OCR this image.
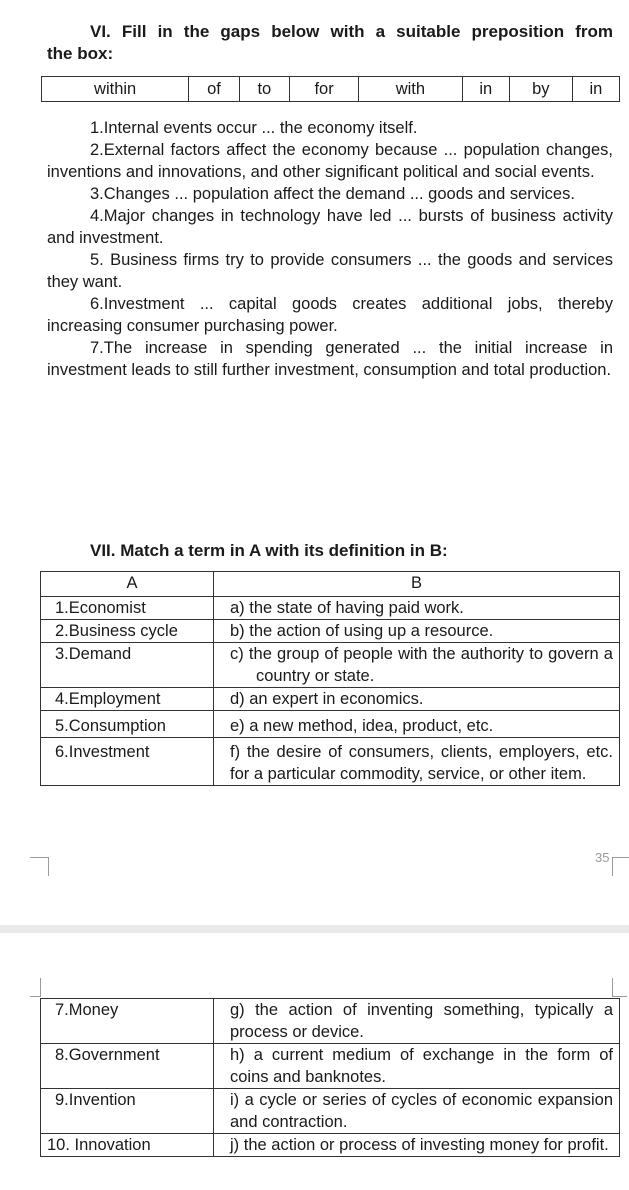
VI. Fill in the gaps below with a suitable preposition from
the box:
within	of	to	for	with	in	by	in

1.Internal events occur ... the economy itself.

2.External factors affect the economy because ... population changes, inventions and innovations, and other significant political and social events.

3.Changes ... population affect the demand ... goods and services.

4.Major changes in technology have led ... bursts of business activity and investment.

5. Business firms try to provide consumers ... the goods and services they want.

6.Investment ... capital goods creates additional jobs, thereby increasing consumer purchasing power.

7.The increase in spending generated ... the initial increase in investment leads to still further investment, consumption and total production.

VII. Match a term in A with its definition in B:
A	B
1.Economist	a) the state of having paid work.

2.Business cycle	b) the action of using up a resource.

3.Demand	c) the group of people with the authority to govern a country or state.

4.Employment	d) an expert in economics.

5.Consumption	e) a new method, idea, product, etc.

6.Investment	f) the desire of consumers, clients, employers, etc. for a particular commodity, service, or other item.
35
7.Money	g) the action of inventing something, typically a process or device.

8.Government	h) a current medium of exchange in the form of coins and banknotes.

9.Invention	i) a cycle or series of cycles of economic expansion and contraction.

10. Innovation	j) the action or process of investing money for profit.
